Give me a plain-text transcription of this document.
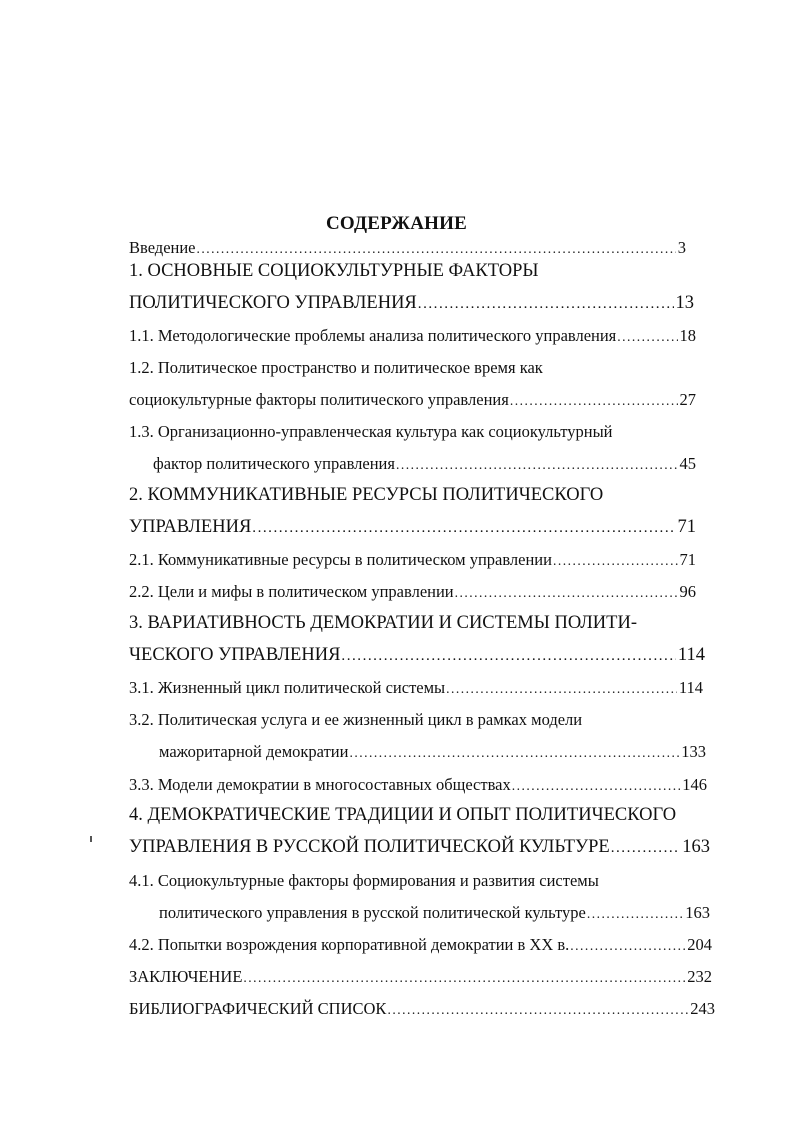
СОДЕРЖАНИЕ
Введение .....	3
1. ОСНОВНЫЕ СОЦИОКУЛЬТУРНЫЕ ФАКТОРЫ
ПОЛИТИЧЕСКОГО УПРАВЛЕНИЯ .....	13
1.1. Методологические проблемы анализа политического управления .....	18
1.2. Политическое пространство и политическое время как
социокультурные факторы политического управления .....	27
1.3. Организационно-управленческая культура как социокультурный
фактор политического управления .....	45
2. КОММУНИКАТИВНЫЕ РЕСУРСЫ ПОЛИТИЧЕСКОГО
УПРАВЛЕНИЯ .....	71
2.1. Коммуникативные ресурсы в политическом управлении .....	71
2.2. Цели и мифы в политическом управлении .....	96
3. ВАРИАТИВНОСТЬ ДЕМОКРАТИИ И СИСТЕМЫ ПОЛИТИ-
ЧЕСКОГО УПРАВЛЕНИЯ .....	114
3.1. Жизненный цикл политической системы .....	114
3.2. Политическая услуга и ее жизненный цикл в рамках модели
мажоритарной демократии .....	133
3.3. Модели демократии в многосоставных обществах .....	146
4. ДЕМОКРАТИЧЕСКИЕ ТРАДИЦИИ И ОПЫТ ПОЛИТИЧЕСКОГО
УПРАВЛЕНИЯ В РУССКОЙ ПОЛИТИЧЕСКОЙ КУЛЬТУРЕ .....	163
4.1. Социокультурные факторы формирования и развития системы
политического управления в русской политической культуре .....	163
4.2. Попытки возрождения корпоративной демократии в XX в. .....	204
ЗАКЛЮЧЕНИЕ .....	232
БИБЛИОГРАФИЧЕСКИЙ СПИСОК .....	243
